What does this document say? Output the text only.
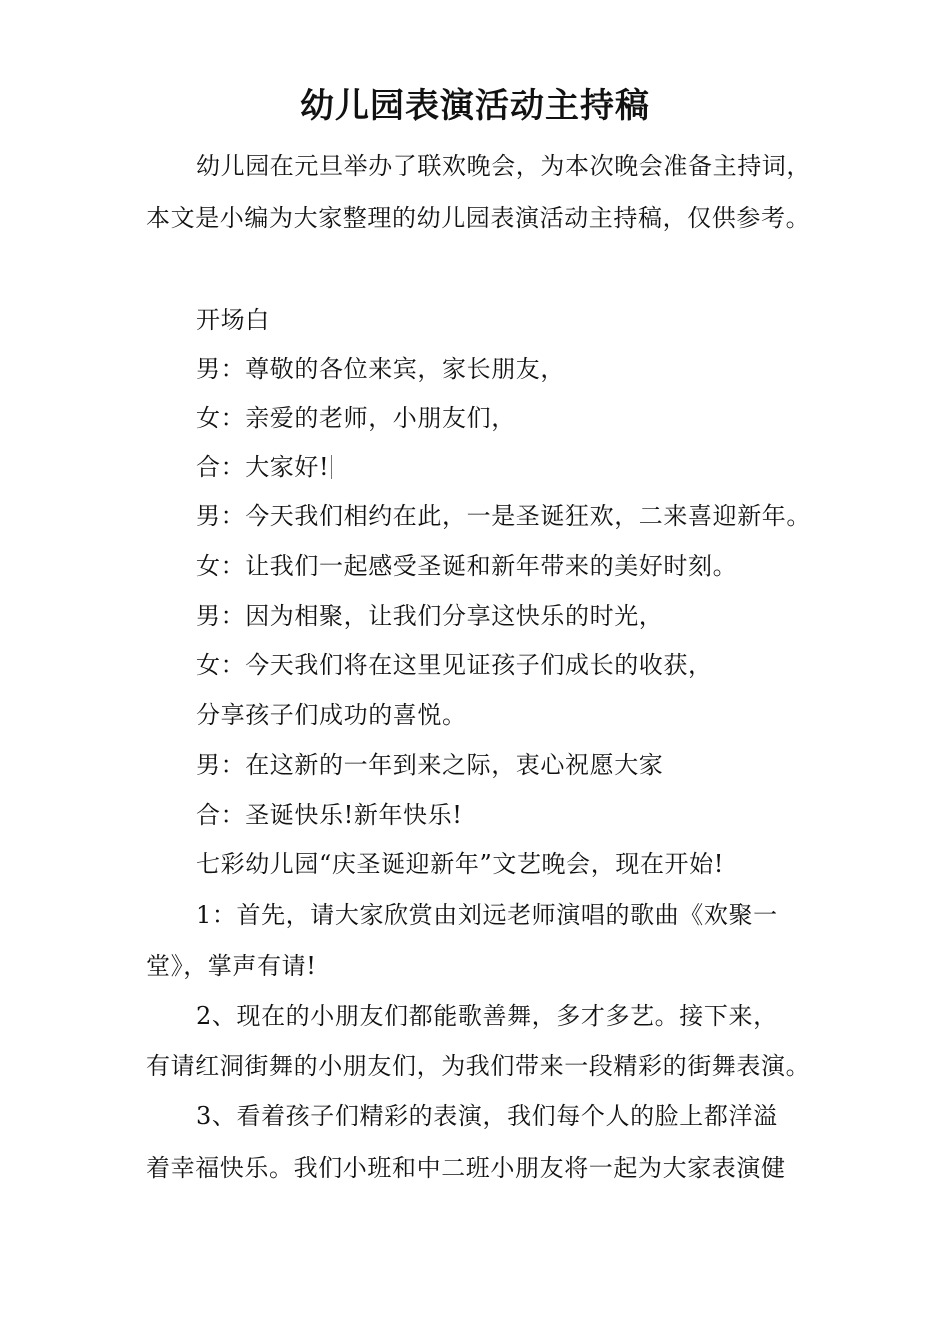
幼儿园表演活动主持稿
幼儿园在元旦举办了联欢晚会，为本次晚会准备主持词，
本文是小编为大家整理的幼儿园表演活动主持稿，仅供参考。
开场白
男：尊敬的各位来宾，家长朋友，
女：亲爱的老师，小朋友们，
合：大家好!
男：今天我们相约在此，一是圣诞狂欢，二来喜迎新年。
女：让我们一起感受圣诞和新年带来的美好时刻。
男：因为相聚，让我们分享这快乐的时光，
女：今天我们将在这里见证孩子们成长的收获，
分享孩子们成功的喜悦。
男：在这新的一年到来之际，衷心祝愿大家
合：圣诞快乐!新年快乐!
七彩幼儿园“庆圣诞迎新年”文艺晚会，现在开始!
1：首先，请大家欣赏由刘远老师演唱的歌曲《欢聚一
堂》，掌声有请!
2、现在的小朋友们都能歌善舞，多才多艺。接下来，
有请红洞街舞的小朋友们，为我们带来一段精彩的街舞表演。
3、看着孩子们精彩的表演，我们每个人的脸上都洋溢
着幸福快乐。我们小班和中二班小朋友将一起为大家表演健
